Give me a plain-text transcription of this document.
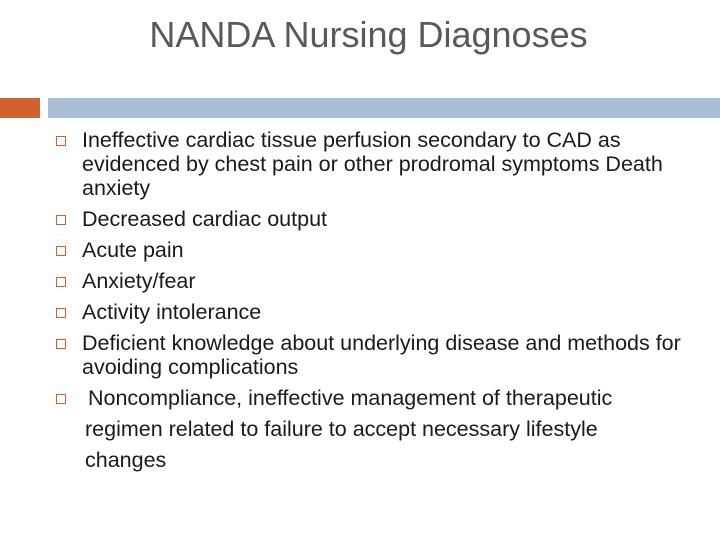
NANDA Nursing Diagnoses
Ineffective cardiac tissue perfusion secondary to CAD as evidenced by chest pain or other prodromal symptoms Death anxiety
Decreased cardiac output
Acute pain
Anxiety/fear
Activity intolerance
Deficient knowledge about underlying disease and methods for avoiding complications
Noncompliance, ineffective management of therapeutic
regimen related to failure to accept necessary lifestyle
changes
